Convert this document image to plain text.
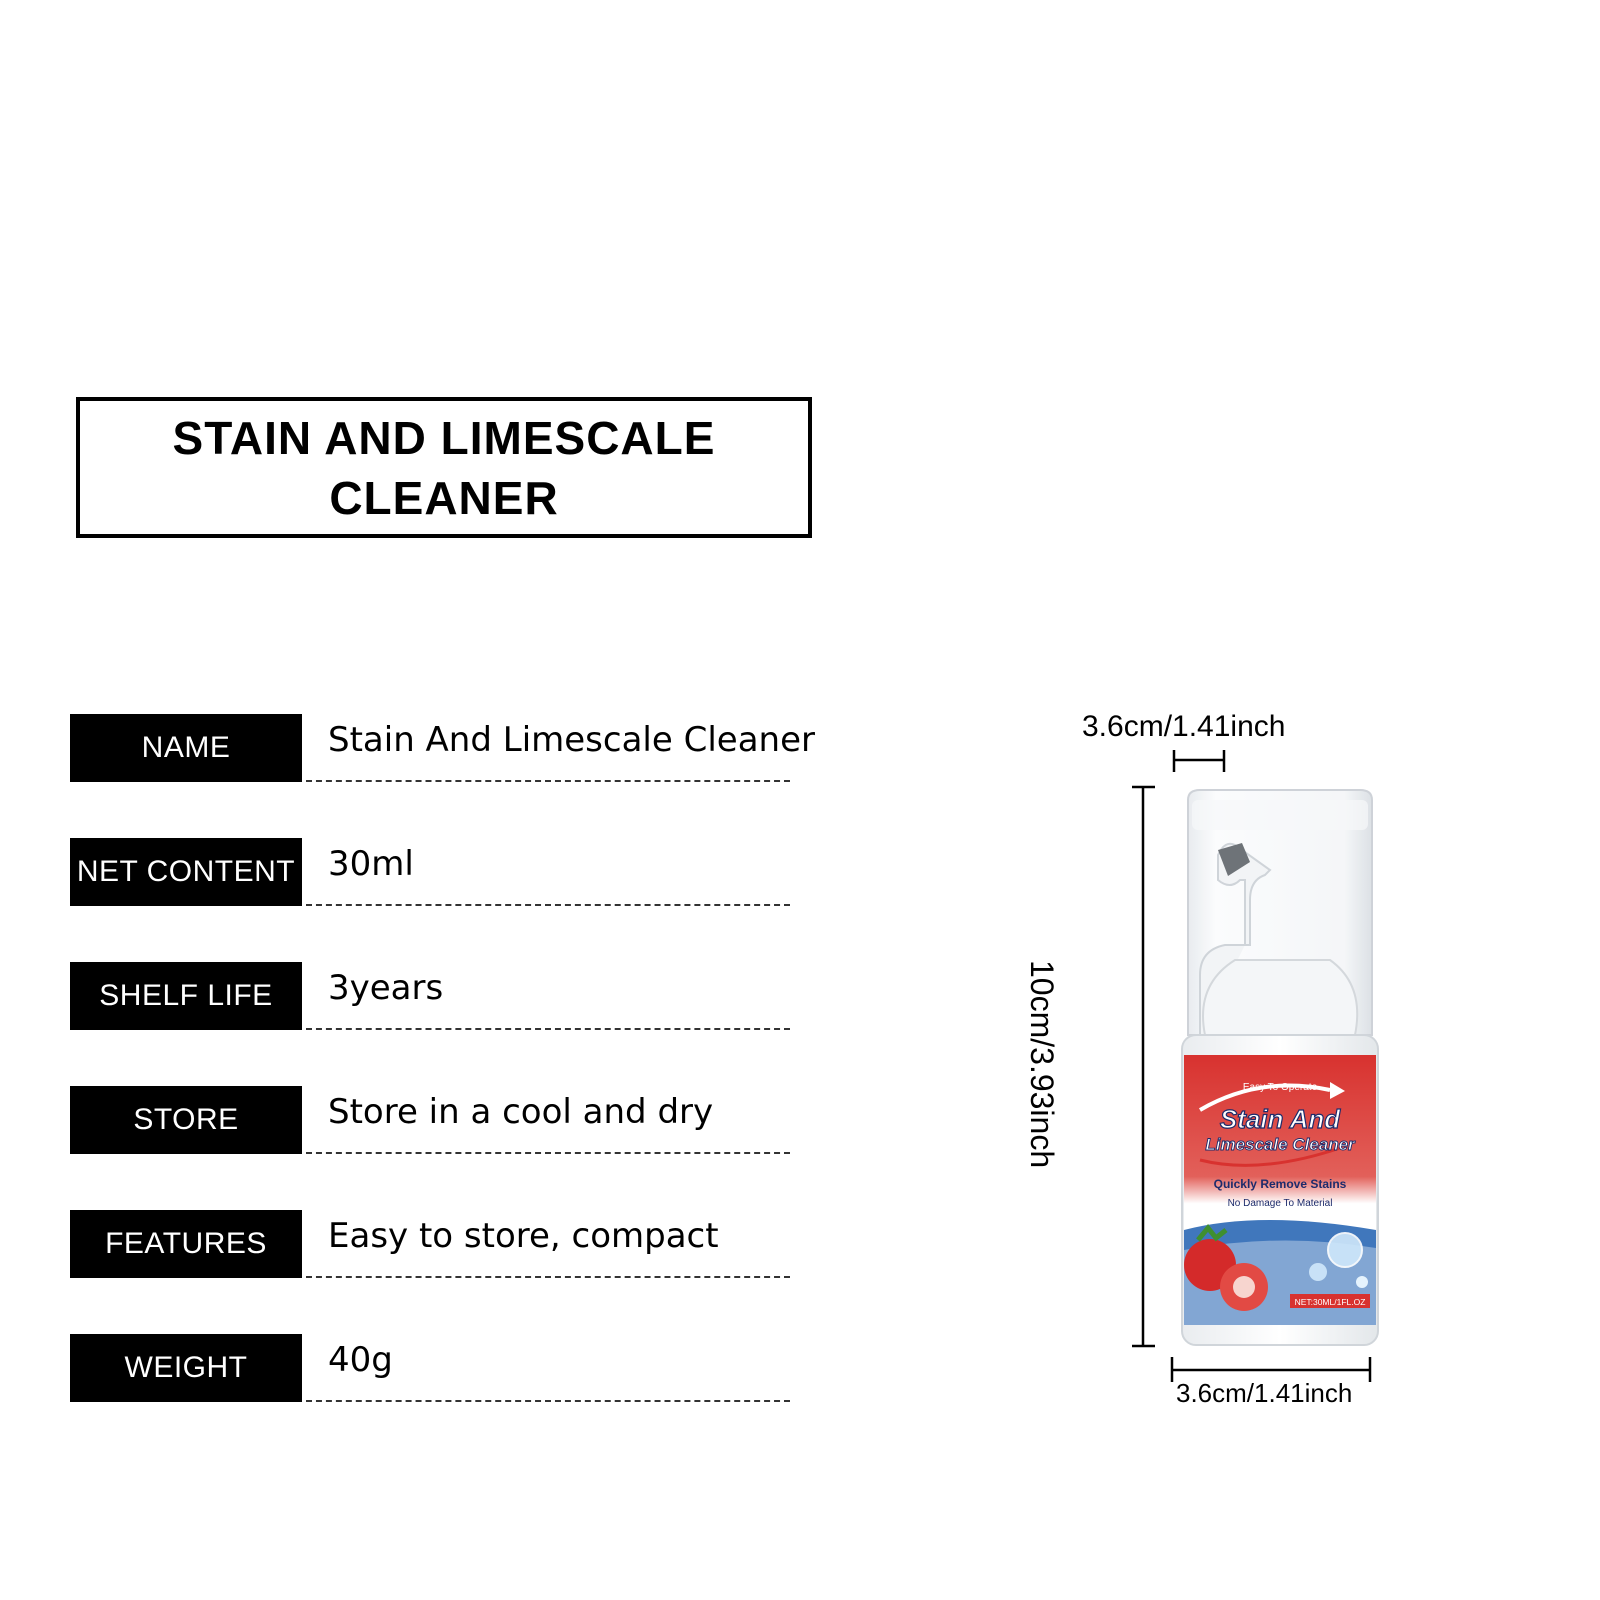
STAIN AND LIMESCALE
CLEANER
NAME	Stain And Limescale Cleaner
NET CONTENT 30ml
SHELF LIFE	3years
STORE	Store in a cool and dry
FEATURES	Easy to store, compact
WEIGHT	40g
3.6cm/1.41inch
10cm/3.93inch
3.6cm/1.41inch
Easy To Operate
Stain And
Limescale Cleaner
Quickly Remove Stains
No Damage To Material
NET:30ML/1FL.OZ
